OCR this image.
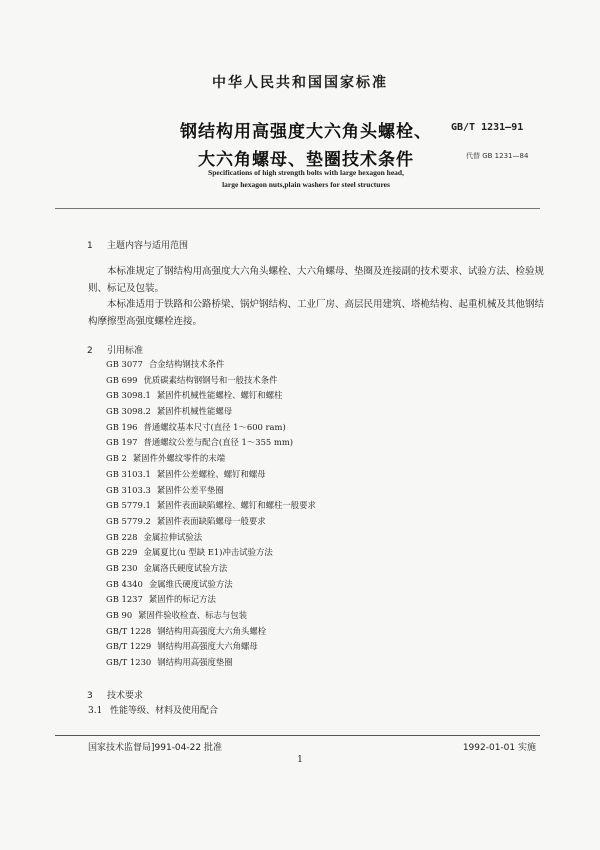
中华人民共和国国家标准
钢结构用高强度大六角头螺栓、
大六角螺母、垫圈技术条件
GB/T 1231—91
代替 GB 1231—84
Specifications of high strength bolts with large hexagon head,
large hexagon nuts,plain washers for steel structures
1 主题内容与适用范围
本标准规定了钢结构用高强度大六角头螺栓、大六角螺母、垫圈及连接副的技术要求、试验方法、检验规则、标记及包装。
本标准适用于铁路和公路桥梁、锅炉钢结构、工业厂房、高层民用建筑、塔桅结构、起重机械及其他钢结构摩擦型高强度螺栓连接。
2 引用标准
GB 3077 合金结构钢技术条件
GB 699 优质碳素结构钢钢号和一般技术条件
GB 3098.1 紧固件机械性能螺栓、螺钉和螺柱
GB 3098.2 紧固件机械性能螺母
GB 196 普通螺纹基本尺寸(直径 1～600 ram)
GB 197 普通螺纹公差与配合(直径 1～355 mm)
GB 2 紧固件外螺纹零件的末端
GB 3103.1 紧固件公差螺栓、螺钉和螺母
GB 3103.3 紧固件公差平垫圈
GB 5779.1 紧固件表面缺陷螺栓、螺钉和螺柱一般要求
GB 5779.2 紧固件表面缺陷螺母一般要求
GB 228 金属拉伸试验法
GB 229 金属夏比(u 型缺 E1)冲击试验方法
GB 230 金属洛氏硬度试验方法
GB 4340 金属维氏硬度试验方法
GB 1237 紧固件的标记方法
GB 90 紧固件验收检查、标志与包装
GB/T 1228 钢结构用高强度大六角头螺栓
GB/T 1229 钢结构用高强度大六角螺母
GB/T 1230 钢结构用高强度垫圈
3 技术要求
3.1 性能等级、材料及使用配合
国家技术监督局]991-04-22 批准	1992-01-01 实施
1
